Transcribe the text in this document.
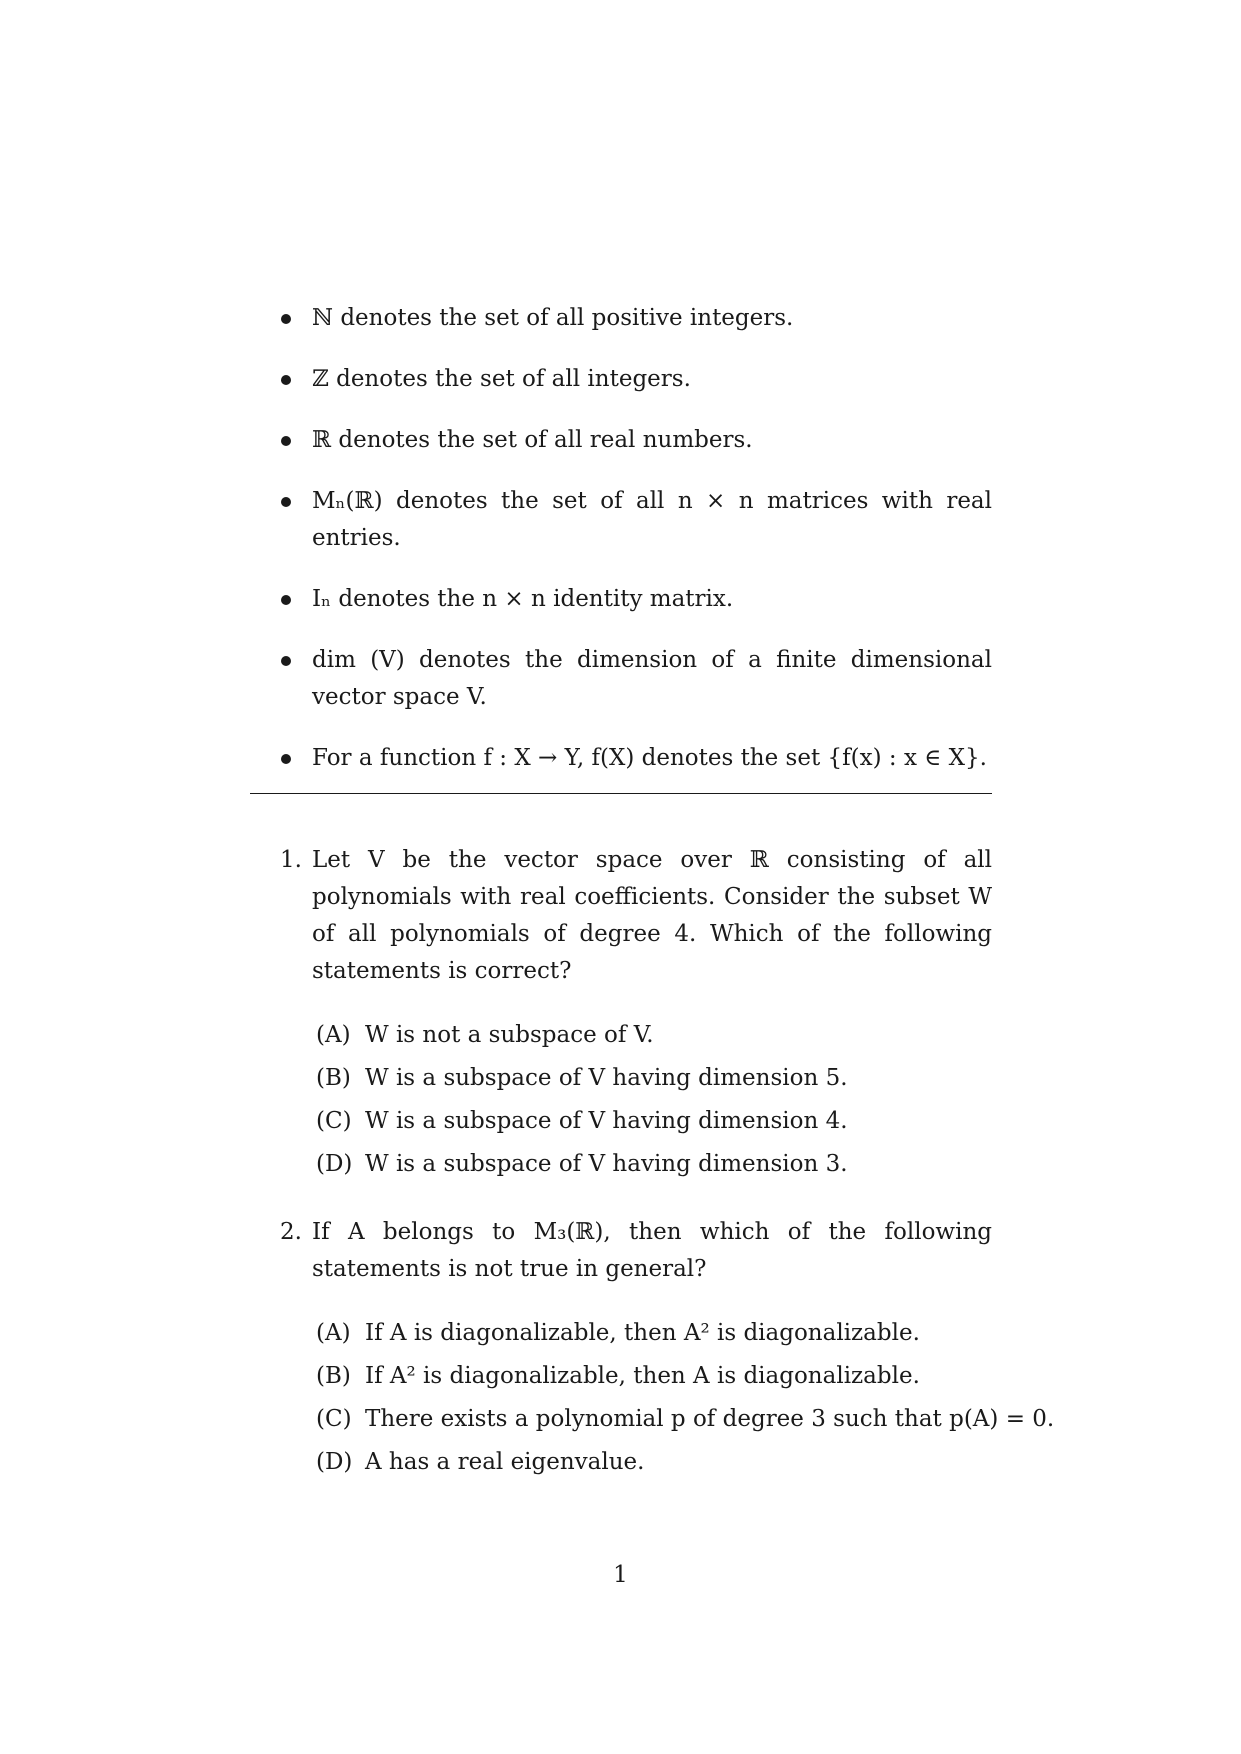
ℕ denotes the set of all positive integers.
ℤ denotes the set of all integers.
ℝ denotes the set of all real numbers.
Mₙ(ℝ) denotes the set of all n × n matrices with real entries.
Iₙ denotes the n × n identity matrix.
dim (V) denotes the dimension of a finite dimensional vector space V.
For a function f : X → Y, f(X) denotes the set {f(x) : x ∈ X}.
1. Let V be the vector space over ℝ consisting of all polynomials with real coefficients. Consider the subset W of all polynomials of degree 4. Which of the following statements is correct?
(A) W is not a subspace of V.
(B) W is a subspace of V having dimension 5.
(C) W is a subspace of V having dimension 4.
(D) W is a subspace of V having dimension 3.
2. If A belongs to M₃(ℝ), then which of the following statements is not true in general?
(A) If A is diagonalizable, then A² is diagonalizable.
(B) If A² is diagonalizable, then A is diagonalizable.
(C) There exists a polynomial p of degree 3 such that p(A) = 0.
(D) A has a real eigenvalue.
1
